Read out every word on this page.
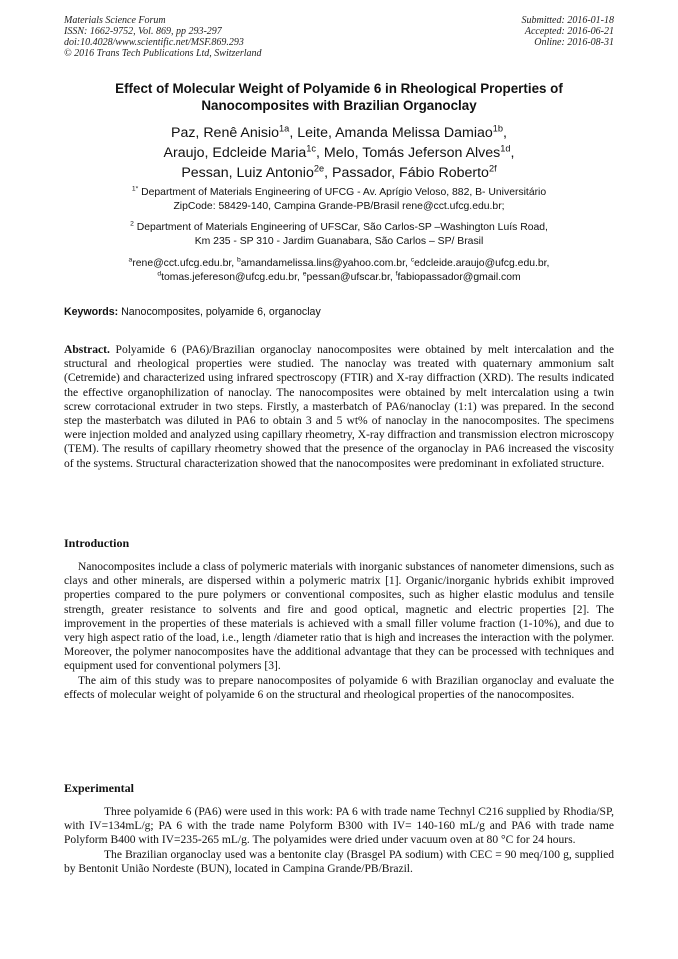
Materials Science Forum
ISSN: 1662-9752, Vol. 869, pp 293-297
doi:10.4028/www.scientific.net/MSF.869.293
© 2016 Trans Tech Publications Ltd, Switzerland
Submitted: 2016-01-18
Accepted: 2016-06-21
Online: 2016-08-31
Effect of Molecular Weight of Polyamide 6 in Rheological Properties of Nanocomposites with Brazilian Organoclay
Paz, Renê Anisio$^{1a}$, Leite, Amanda Melissa Damiao$^{1b}$,
Araujo, Edcleide Maria$^{1c}$, Melo, Tomás Jeferson Alves$^{1d}$,
Pessan, Luiz Antonio$^{2e}$, Passador, Fábio Roberto$^{2f}$
$^{1*}$ Department of Materials Engineering of UFCG - Av. Aprígio Veloso, 882, B- Universitário
ZipCode: 58429-140, Campina Grande-PB/Brasil rene@cct.ufcg.edu.br;
$^2$ Department of Materials Engineering of UFSCar, São Carlos-SP –Washington Luís Road,
Km 235 - SP 310 - Jardim Guanabara, São Carlos – SP/ Brasil
$^a$rene@cct.ufcg.edu.br, $^b$amandamelissa.lins@yahoo.com.br, $^c$edcleide.araujo@ufcg.edu.br,
$^d$tomas.jefereson@ufcg.edu.br, $^e$pessan@ufscar.br, $^f$fabiopassador@gmail.com
Keywords: Nanocomposites, polyamide 6, organoclay

Abstract. Polyamide 6 (PA6)/Brazilian organoclay nanocomposites were obtained by melt intercalation and the structural and rheological properties were studied. The nanoclay was treated with quaternary ammonium salt (Cetremide) and characterized using infrared spectroscopy (FTIR) and X-ray diffraction (XRD). The results indicated the effective organophilization of nanoclay. The nanocomposites were obtained by melt intercalation using a twin screw corrotacional extruder in two steps. Firstly, a masterbatch of PA6/nanoclay (1:1) was prepared. In the second step the masterbatch was diluted in PA6 to obtain 3 and 5 wt% of nanoclay in the nanocomposites. The specimens were injection molded and analyzed using capillary rheometry, X-ray diffraction and transmission electron microscopy (TEM). The results of capillary rheometry showed that the presence of the organoclay in PA6 increased the viscosity of the systems. Structural characterization showed that the nanocomposites were predominant in exfoliated structure.

Introduction

Nanocomposites include a class of polymeric materials with inorganic substances of nanometer dimensions, such as clays and other minerals, are dispersed within a polymeric matrix [1]. Organic/inorganic hybrids exhibit improved properties compared to the pure polymers or conventional composites, such as higher elastic modulus and tensile strength, greater resistance to solvents and fire and good optical, magnetic and electric properties [2]. The improvement in the properties of these materials is achieved with a small filler volume fraction (1-10%), and due to very high aspect ratio of the load, i.e., length /diameter ratio that is high and increases the interaction with the polymer. Moreover, the polymer nanocomposites have the additional advantage that they can be processed with techniques and equipment used for conventional polymers [3].

The aim of this study was to prepare nanocomposites of polyamide 6 with Brazilian organoclay and evaluate the effects of molecular weight of polyamide 6 on the structural and rheological properties of the nanocomposites.

Experimental

Three polyamide 6 (PA6) were used in this work: PA 6 with trade name Technyl C216 supplied by Rhodia/SP, with IV=134mL/g; PA 6 with the trade name Polyform B300 with IV= 140-160 mL/g and PA6 with trade name Polyform B400 with IV=235-265 mL/g. The polyamides were dried under vacuum oven at 80 °C for 24 hours.

The Brazilian organoclay used was a bentonite clay (Brasgel PA sodium) with CEC = 90 meq/100 g, supplied by Bentonit União Nordeste (BUN), located in Campina Grande/PB/Brazil.
